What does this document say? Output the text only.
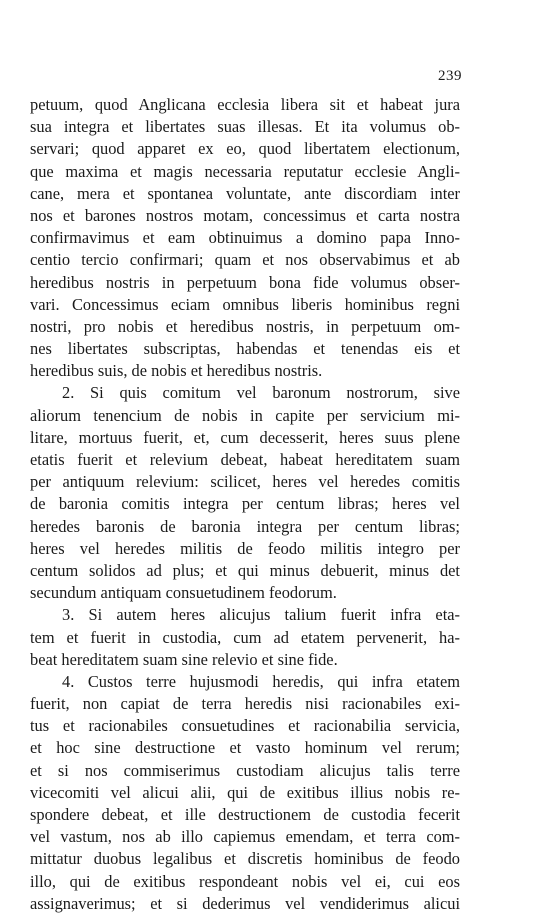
239
petuum, quod Anglicana ecclesia libera sit et habeat jura
sua integra et libertates suas illesas. Et ita volumus ob-
servari; quod apparet ex eo, quod libertatem electionum,
que maxima et magis necessaria reputatur ecclesie Angli-
cane, mera et spontanea voluntate, ante discordiam inter
nos et barones nostros motam, concessimus et carta nostra
confirmavimus et eam obtinuimus a domino papa Inno-
centio tercio confirmari; quam et nos observabimus et ab
heredibus nostris in perpetuum bona fide volumus obser-
vari. Concessimus eciam omnibus liberis hominibus regni
nostri, pro nobis et heredibus nostris, in perpetuum om-
nes libertates subscriptas, habendas et tenendas eis et
heredibus suis, de nobis et heredibus nostris.
2. Si quis comitum vel baronum nostrorum, sive
aliorum tenencium de nobis in capite per servicium mi-
litare, mortuus fuerit, et, cum decesserit, heres suus plene
etatis fuerit et relevium debeat, habeat hereditatem suam
per antiquum relevium: scilicet, heres vel heredes comitis
de baronia comitis integra per centum libras; heres vel
heredes baronis de baronia integra per centum libras;
heres vel heredes militis de feodo militis integro per
centum solidos ad plus; et qui minus debuerit, minus det
secundum antiquam consuetudinem feodorum.
3. Si autem heres alicujus talium fuerit infra eta-
tem et fuerit in custodia, cum ad etatem pervenerit, ha-
beat hereditatem suam sine relevio et sine fide.
4. Custos terre hujusmodi heredis, qui infra etatem
fuerit, non capiat de terra heredis nisi racionabiles exi-
tus et racionabiles consuetudines et racionabilia servicia,
et hoc sine destructione et vasto hominum vel rerum;
et si nos commiserimus custodiam alicujus talis terre
vicecomiti vel alicui alii, qui de exitibus illius nobis re-
spondere debeat, et ille destructionem de custodia fecerit
vel vastum, nos ab illo capiemus emendam, et terra com-
mittatur duobus legalibus et discretis hominibus de feodo
illo, qui de exitibus respondeant nobis vel ei, cui eos
assignaverimus; et si dederimus vel vendiderimus alicui
